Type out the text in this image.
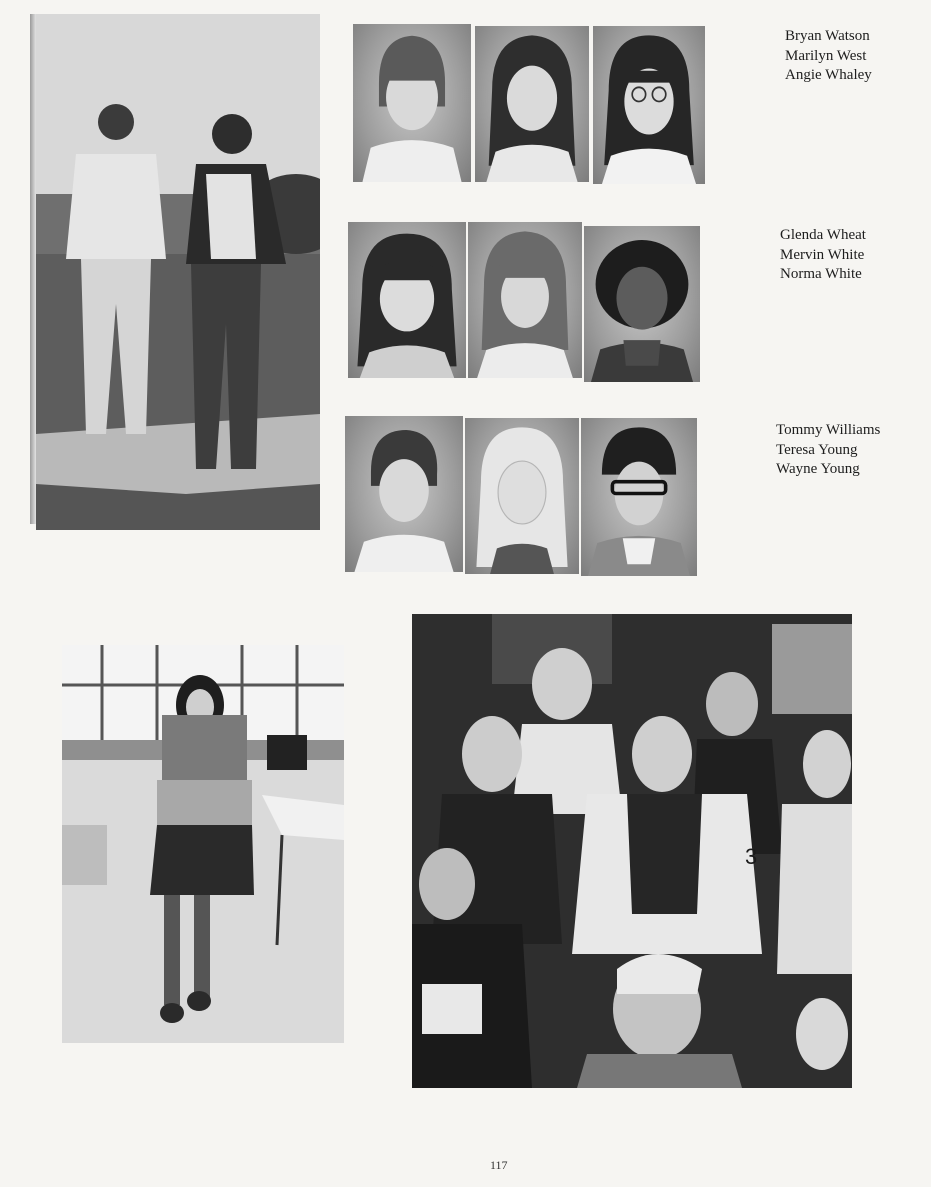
Bryan Watson
Marilyn West
Angie Whaley
Glenda Wheat
Mervin White
Norma White
Tommy Williams
Teresa Young
Wayne Young
3
117
